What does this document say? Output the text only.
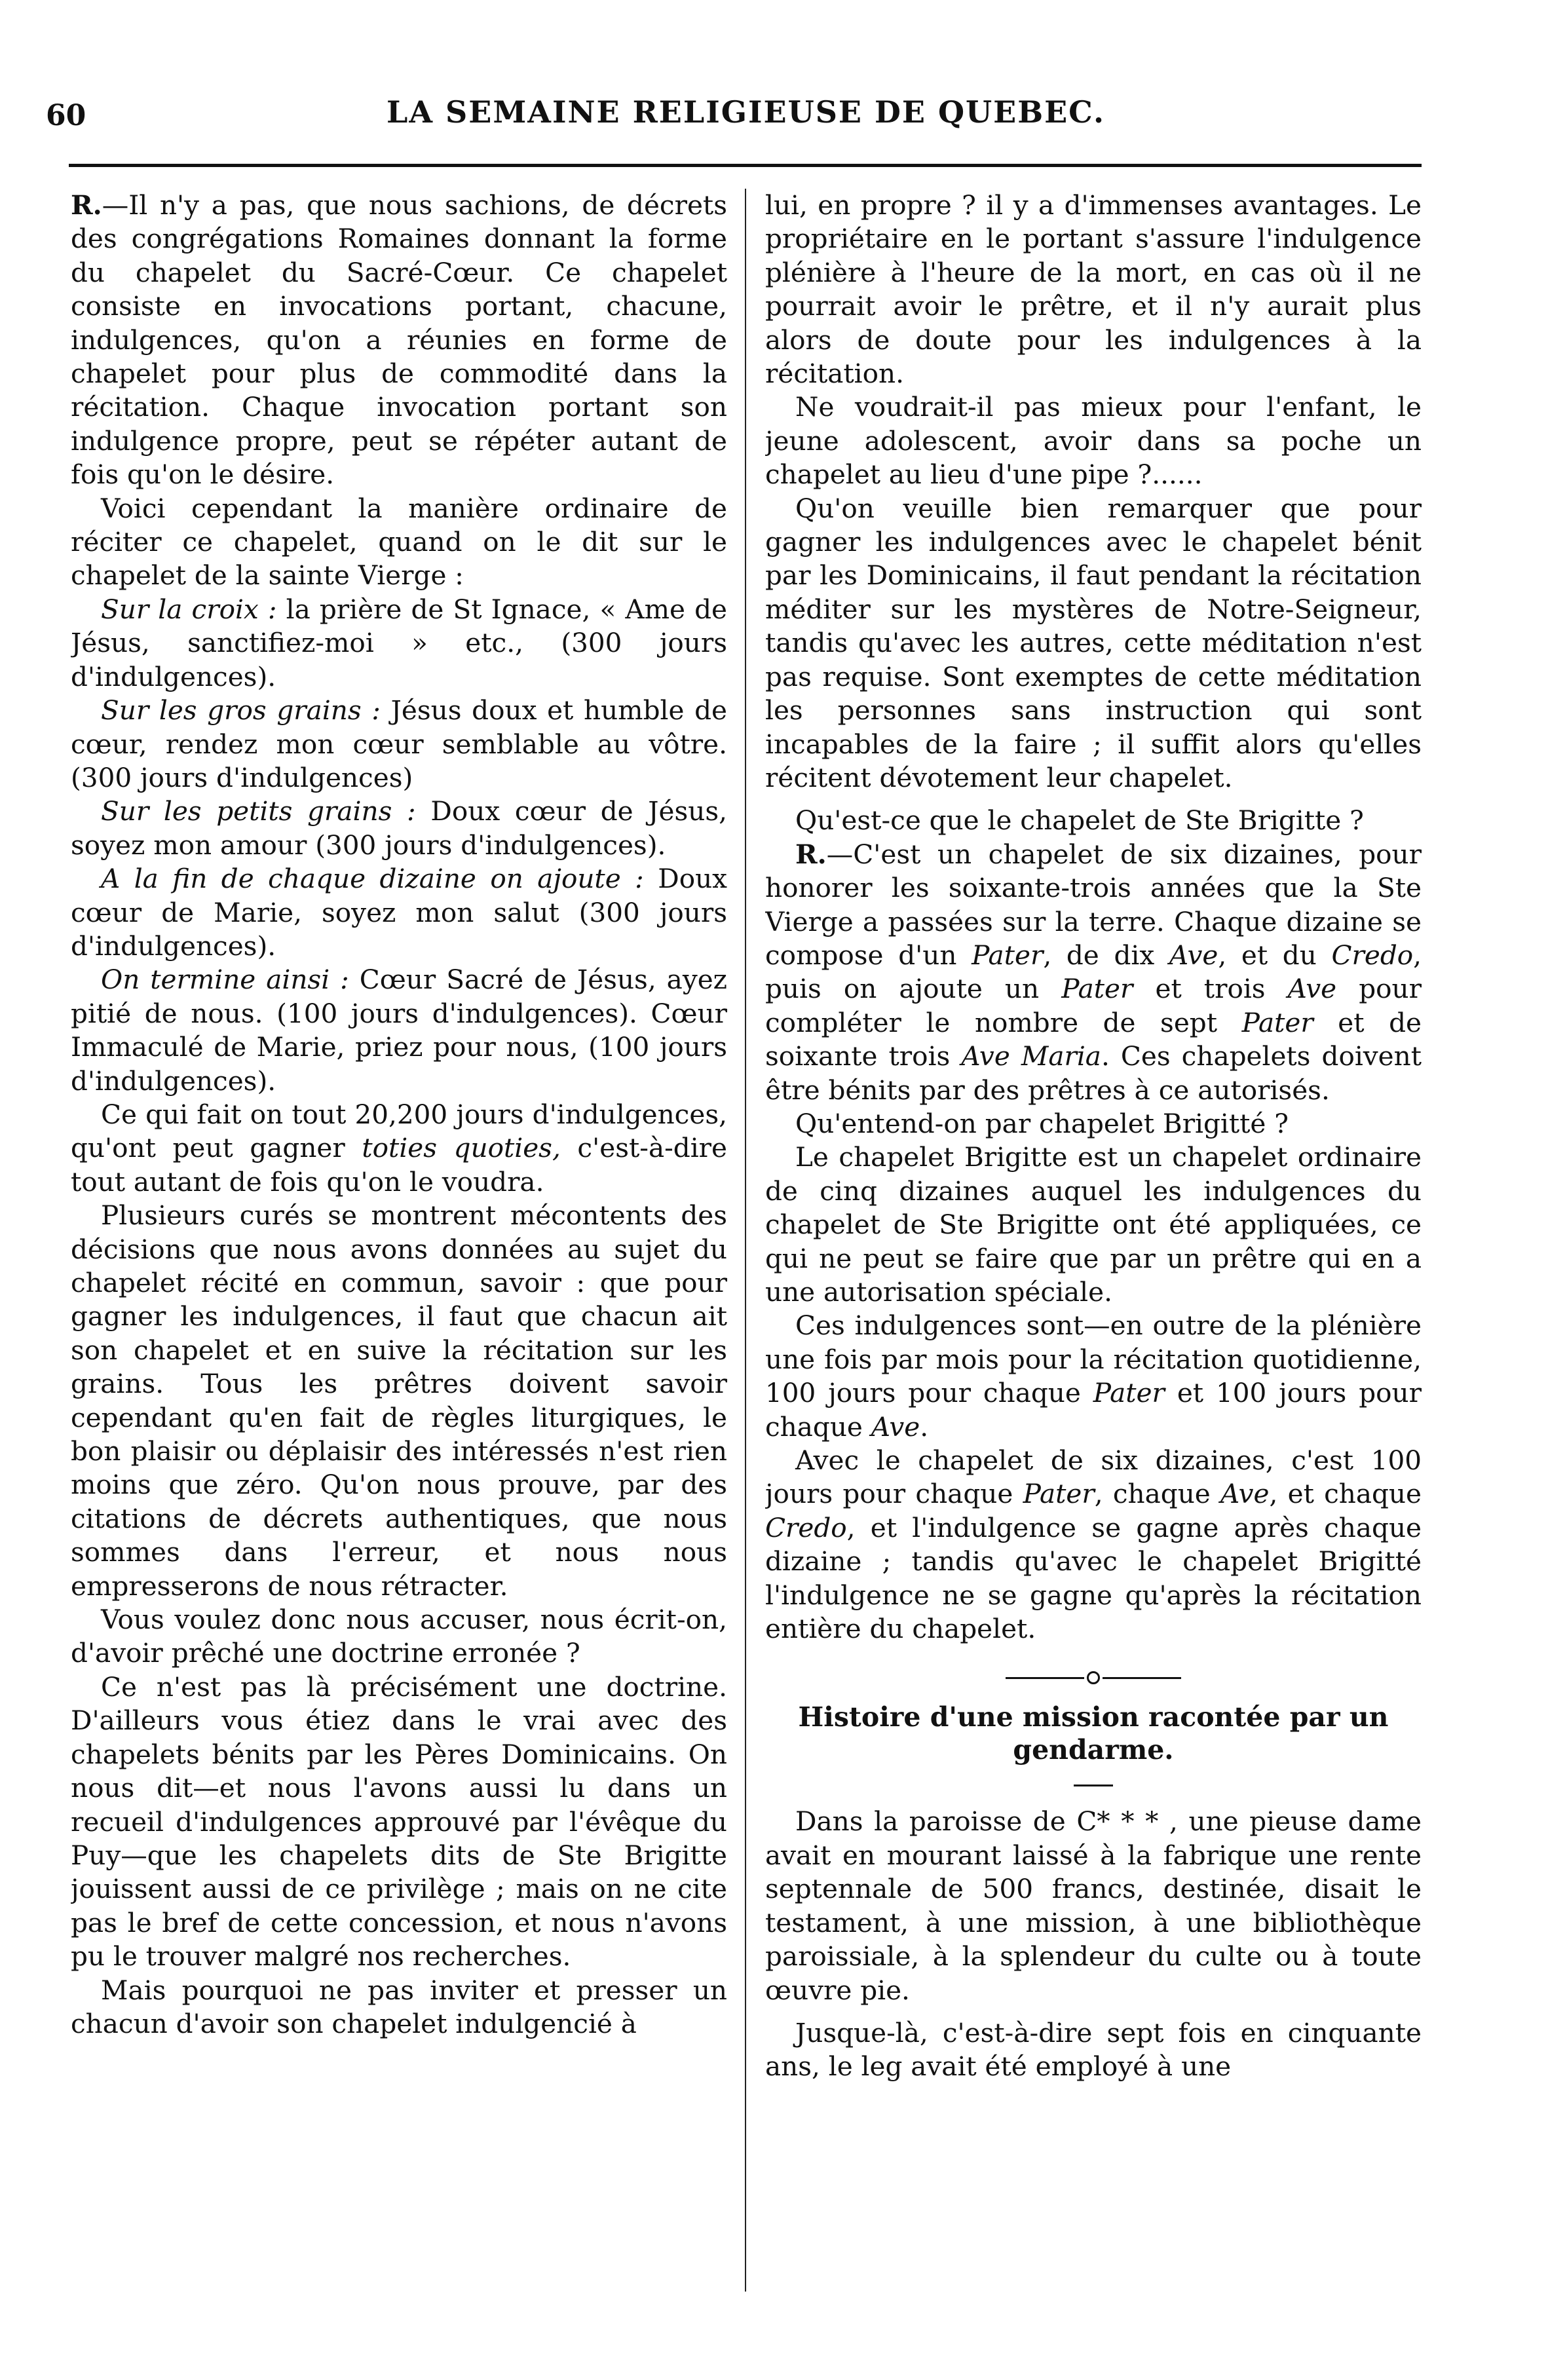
60	LA SEMAINE RELIGIEUSE DE QUEBEC.

R.—Il n'y a pas, que nous sachions, de décrets des congrégations Romaines donnant la forme du chapelet du Sacré-Cœur. Ce chapelet consiste en invocations portant, chacune, indulgences, qu'on a réunies en forme de chapelet pour plus de commodité dans la récitation. Chaque invocation portant son indulgence propre, peut se répéter autant de fois qu'on le désire.

Voici cependant la manière ordinaire de réciter ce chapelet, quand on le dit sur le chapelet de la sainte Vierge :

Sur la croix : la prière de St Ignace, « Ame de Jésus, sanctifiez-moi » etc., (300 jours d'indulgences).

Sur les gros grains : Jésus doux et humble de cœur, rendez mon cœur semblable au vôtre. (300 jours d'indulgences)

Sur les petits grains : Doux cœur de Jésus, soyez mon amour (300 jours d'indulgences).

A la fin de chaque dizaine on ajoute : Doux cœur de Marie, soyez mon salut (300 jours d'indulgences).

On termine ainsi : Cœur Sacré de Jésus, ayez pitié de nous. (100 jours d'indulgences). Cœur Immaculé de Marie, priez pour nous, (100 jours d'indulgences).

Ce qui fait on tout 20,200 jours d'indulgences, qu'ont peut gagner toties quoties, c'est-à-dire tout autant de fois qu'on le voudra.

Plusieurs curés se montrent mécontents des décisions que nous avons données au sujet du chapelet récité en commun, savoir : que pour gagner les indulgences, il faut que chacun ait son chapelet et en suive la récitation sur les grains. Tous les prêtres doivent savoir cependant qu'en fait de règles liturgiques, le bon plaisir ou déplaisir des intéressés n'est rien moins que zéro. Qu'on nous prouve, par des citations de décrets authentiques, que nous sommes dans l'erreur, et nous nous empresserons de nous rétracter.

Vous voulez donc nous accuser, nous écrit-on, d'avoir prêché une doctrine erronée ?

Ce n'est pas là précisément une doctrine. D'ailleurs vous étiez dans le vrai avec des chapelets bénits par les Pères Dominicains. On nous dit—et nous l'avons aussi lu dans un recueil d'indulgences approuvé par l'évêque du Puy—que les chapelets dits de Ste Brigitte jouissent aussi de ce privilège ; mais on ne cite pas le bref de cette concession, et nous n'avons pu le trouver malgré nos recherches.

Mais pourquoi ne pas inviter et presser un chacun d'avoir son chapelet indulgencié à

lui, en propre ? il y a d'immenses avantages. Le propriétaire en le portant s'assure l'indulgence plénière à l'heure de la mort, en cas où il ne pourrait avoir le prêtre, et il n'y aurait plus alors de doute pour les indulgences à la récitation.

Ne voudrait-il pas mieux pour l'enfant, le jeune adolescent, avoir dans sa poche un chapelet au lieu d'une pipe ?......

Qu'on veuille bien remarquer que pour gagner les indulgences avec le chapelet bénit par les Dominicains, il faut pendant la récitation méditer sur les mystères de Notre-Seigneur, tandis qu'avec les autres, cette méditation n'est pas requise. Sont exemptes de cette méditation les personnes sans instruction qui sont incapables de la faire ; il suffit alors qu'elles récitent dévotement leur chapelet.

Qu'est-ce que le chapelet de Ste Brigitte ?

R.—C'est un chapelet de six dizaines, pour honorer les soixante-trois années que la Ste Vierge a passées sur la terre. Chaque dizaine se compose d'un Pater, de dix Ave, et du Credo, puis on ajoute un Pater et trois Ave pour compléter le nombre de sept Pater et de soixante trois Ave Maria. Ces chapelets doivent être bénits par des prêtres à ce autorisés.

Qu'entend-on par chapelet Brigitté ?

Le chapelet Brigitte est un chapelet ordinaire de cinq dizaines auquel les indulgences du chapelet de Ste Brigitte ont été appliquées, ce qui ne peut se faire que par un prêtre qui en a une autorisation spéciale.

Ces indulgences sont—en outre de la plénière une fois par mois pour la récitation quotidienne, 100 jours pour chaque Pater et 100 jours pour chaque Ave.

Avec le chapelet de six dizaines, c'est 100 jours pour chaque Pater, chaque Ave, et chaque Credo, et l'indulgence se gagne après chaque dizaine ; tandis qu'avec le chapelet Brigitté l'indulgence ne se gagne qu'après la récitation entière du chapelet.

Histoire d'une mission racontée par un gendarme.

Dans la paroisse de C* * * , une pieuse dame avait en mourant laissé à la fabrique une rente septennale de 500 francs, destinée, disait le testament, à une mission, à une bibliothèque paroissiale, à la splendeur du culte ou à toute œuvre pie.

Jusque-là, c'est-à-dire sept fois en cinquante ans, le leg avait été employé à une
